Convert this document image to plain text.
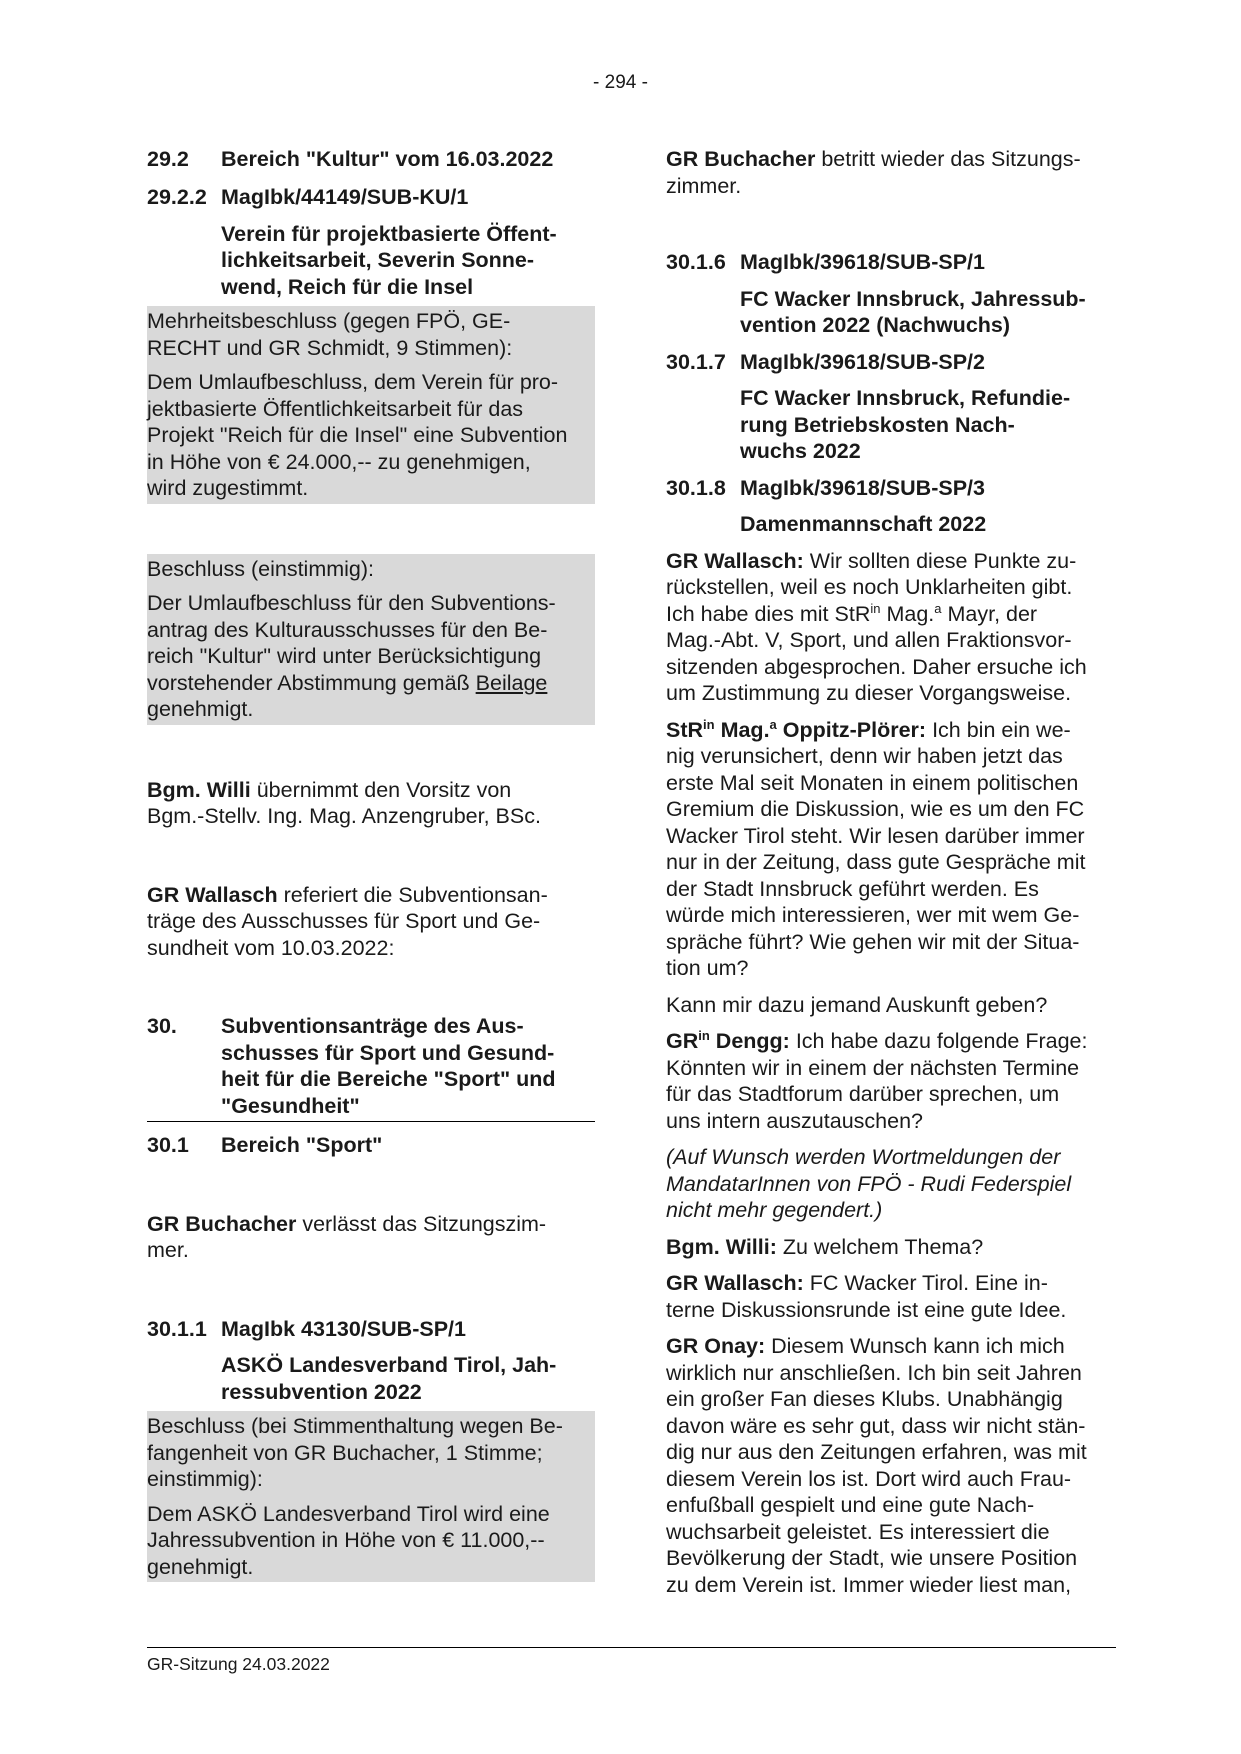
- 294 -
29.2	Bereich "Kultur" vom 16.03.2022
29.2.2 MagIbk/44149/SUB-KU/1
Verein für projektbasierte Öffent-
lichkeitsarbeit, Severin Sonne-
wend, Reich für die Insel

Mehrheitsbeschluss (gegen FPÖ, GE-
RECHT und GR Schmidt, 9 Stimmen):

Dem Umlaufbeschluss, dem Verein für pro-
jektbasierte Öffentlichkeitsarbeit für das
Projekt "Reich für die Insel" eine Subvention
in Höhe von € 24.000,-- zu genehmigen,
wird zugestimmt.

Beschluss (einstimmig):

Der Umlaufbeschluss für den Subventions-
antrag des Kulturausschusses für den Be-
reich "Kultur" wird unter Berücksichtigung
vorstehender Abstimmung gemäß Beilage
genehmigt.

Bgm. Willi übernimmt den Vorsitz von
Bgm.-Stellv. Ing. Mag. Anzengruber, BSc.

GR Wallasch referiert die Subventionsan-
träge des Ausschusses für Sport und Ge-
sundheit vom 10.03.2022:

30.	Subventionsanträge des Aus-
schusses für Sport und Gesund-
heit für die Bereiche "Sport" und
"Gesundheit"
30.1	Bereich "Sport"

GR Buchacher verlässt das Sitzungszim-
mer.

30.1.1 MagIbk 43130/SUB-SP/1
ASKÖ Landesverband Tirol, Jah-
ressubvention 2022

Beschluss (bei Stimmenthaltung wegen Be-
fangenheit von GR Buchacher, 1 Stimme;
einstimmig):

Dem ASKÖ Landesverband Tirol wird eine
Jahressubvention in Höhe von € 11.000,--
genehmigt.

GR Buchacher betritt wieder das Sitzungs-
zimmer.

30.1.6 MagIbk/39618/SUB-SP/1
FC Wacker Innsbruck, Jahressub-
vention 2022 (Nachwuchs)
30.1.7 MagIbk/39618/SUB-SP/2
FC Wacker Innsbruck, Refundie-
rung Betriebskosten Nach-
wuchs 2022
30.1.8 MagIbk/39618/SUB-SP/3
Damenmannschaft 2022

GR Wallasch: Wir sollten diese Punkte zu-
rückstellen, weil es noch Unklarheiten gibt.
Ich habe dies mit StR$^{in}$ Mag.$^a$ Mayr, der
Mag.-Abt. V, Sport, und allen Fraktionsvor-
sitzenden abgesprochen. Daher ersuche ich
um Zustimmung zu dieser Vorgangsweise.

StR$^{in}$ Mag.$^a$ Oppitz-Plörer: Ich bin ein we-
nig verunsichert, denn wir haben jetzt das
erste Mal seit Monaten in einem politischen
Gremium die Diskussion, wie es um den FC
Wacker Tirol steht. Wir lesen darüber immer
nur in der Zeitung, dass gute Gespräche mit
der Stadt Innsbruck geführt werden. Es
würde mich interessieren, wer mit wem Ge-
spräche führt? Wie gehen wir mit der Situa-
tion um?

Kann mir dazu jemand Auskunft geben?

$GR^{in}$ Dengg: Ich habe dazu folgende Frage:
Könnten wir in einem der nächsten Termine
für das Stadtforum darüber sprechen, um
uns intern auszutauschen?

(Auf Wunsch werden Wortmeldungen der
MandatarInnen von FPÖ - Rudi Federspiel
nicht mehr gegendert.)

Bgm. Willi: Zu welchem Thema?

GR Wallasch: FC Wacker Tirol. Eine in-
terne Diskussionsrunde ist eine gute Idee.

GR Onay: Diesem Wunsch kann ich mich
wirklich nur anschließen. Ich bin seit Jahren
ein großer Fan dieses Klubs. Unabhängig
davon wäre es sehr gut, dass wir nicht stän-
dig nur aus den Zeitungen erfahren, was mit
diesem Verein los ist. Dort wird auch Frau-
enfußball gespielt und eine gute Nach-
wuchsarbeit geleistet. Es interessiert die
Bevölkerung der Stadt, wie unsere Position
zu dem Verein ist. Immer wieder liest man,

GR-Sitzung 24.03.2022
